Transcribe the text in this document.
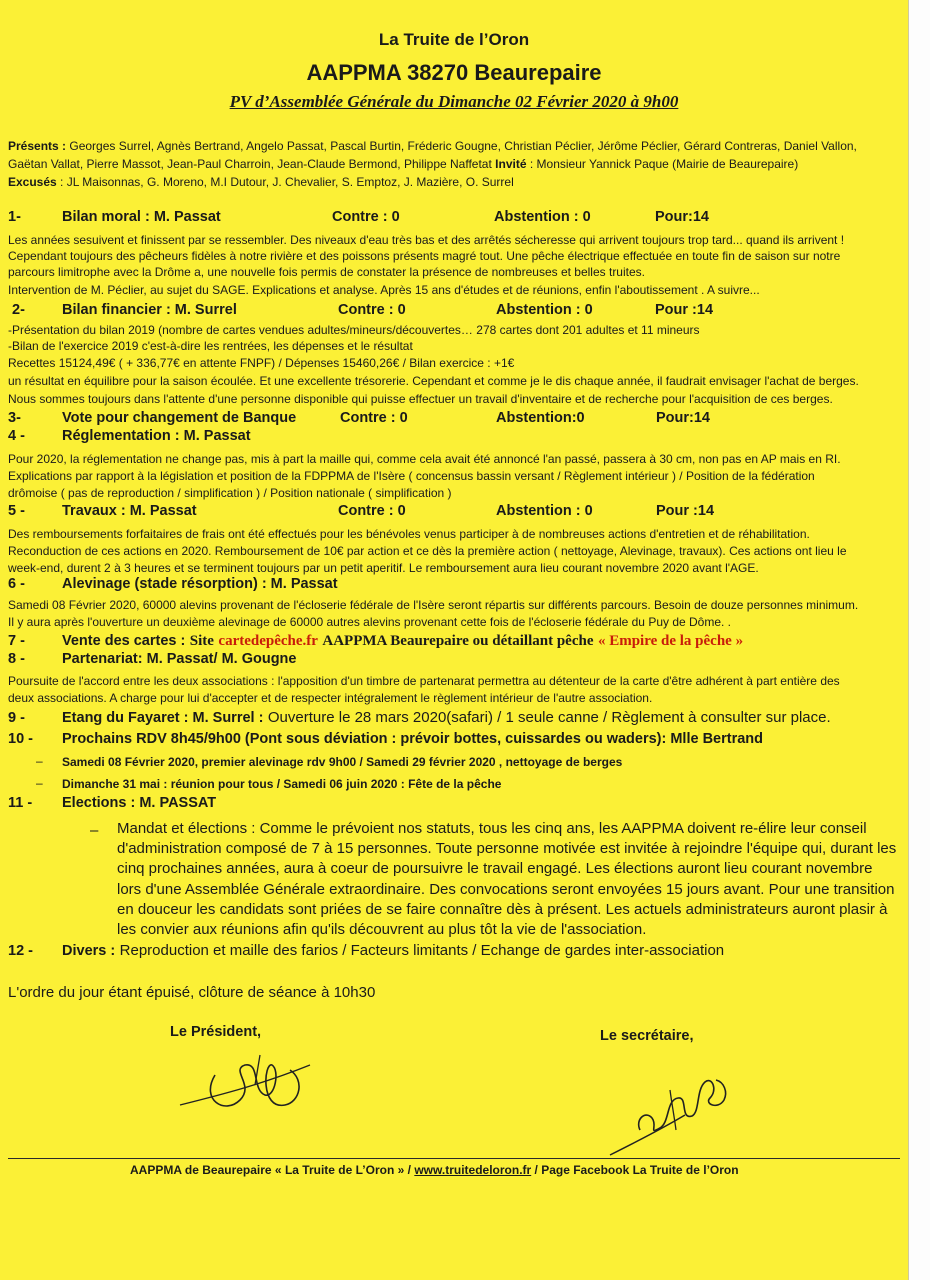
La Truite de l’Oron
AAPPMA 38270 Beaurepaire
PV d’Assemblée Générale du Dimanche 02 Février 2020 à 9h00
Présents : Georges Surrel, Agnès Bertrand, Angelo Passat, Pascal Burtin, Fréderic Gougne, Christian Péclier, Jérôme Péclier, Gérard Contreras, Daniel Vallon,
Gaëtan Vallat, Pierre Massot, Jean-Paul Charroin, Jean-Claude Bermond, Philippe Naffetat Invité : Monsieur Yannick Paque (Mairie de Beaurepaire)
Excusés : JL Maisonnas, G. Moreno, M.I Dutour, J. Chevalier, S. Emptoz, J. Mazière, O. Surrel
1-	Bilan moral : M. Passat	Contre : 0	Abstention : 0	Pour:14
Les années sesuivent et finissent par se ressembler. Des niveaux d'eau très bas et des arrêtés sécheresse qui arrivent toujours trop tard... quand ils arrivent !
Cependant toujours des pêcheurs fidèles à notre rivière et des poissons présents magré tout. Une pêche électrique effectuée en toute fin de saison sur notre
parcours limitrophe avec la Drôme a, une nouvelle fois permis de constater la présence de nombreuses et belles truites.
Intervention de M. Péclier, au sujet du SAGE. Explications et analyse. Après 15 ans d'études et de réunions, enfin l'aboutissement . A suivre...
2-	Bilan financier : M. Surrel	Contre : 0	Abstention : 0	Pour :14
-Présentation du bilan 2019 (nombre de cartes vendues adultes/mineurs/découvertes… 278 cartes dont 201 adultes et 11 mineurs
-Bilan de l'exercice 2019 c'est-à-dire les rentrées, les dépenses et le résultat
Recettes 15124,49€ ( + 336,77€ en attente FNPF) / Dépenses 15460,26€ / Bilan exercice : +1€
un résultat en équilibre pour la saison écoulée. Et une excellente trésorerie. Cependant et comme je le dis chaque année, il faudrait envisager l'achat de berges.
Nous sommes toujours dans l'attente d'une personne disponible qui puisse effectuer un travail d'inventaire et de recherche pour l'acquisition de ces berges.
3-	Vote pour changement de Banque	Contre : 0	Abstention:0	Pour:14
4 -	Réglementation : M. Passat
Pour 2020, la réglementation ne change pas, mis à part la maille qui, comme cela avait été annoncé l'an passé, passera à 30 cm, non pas en AP mais en RI.
Explications par rapport à la législation et position de la FDPPMA de l'Isère ( concensus bassin versant / Règlement intérieur ) / Position de la fédération
drômoise ( pas de reproduction / simplification ) / Position nationale ( simplification )
5 -	Travaux : M. Passat	Contre : 0	Abstention : 0	Pour :14
Des remboursements forfaitaires de frais ont été effectués pour les bénévoles venus participer à de nombreuses actions d'entretien et de réhabilitation.
Reconduction de ces actions en 2020. Remboursement de 10€ par action et ce dès la première action ( nettoyage, Alevinage, travaux). Ces actions ont lieu le
week-end, durent 2 à 3 heures et se terminent toujours par un petit aperitif. Le remboursement aura lieu courant novembre 2020 avant l'AGE.
6 -	Alevinage (stade résorption) : M. Passat
Samedi 08 Février 2020, 60000 alevins provenant de l'écloserie fédérale de l'Isère seront répartis sur différents parcours. Besoin de douze personnes minimum.
Il y aura après l'ouverture un deuxième alevinage de 60000 autres alevins provenant cette fois de l'écloserie fédérale du Puy de Dôme. .
7 -	Vente des cartes : Site cartedepêche.fr AAPPMA Beaurepaire ou détaillant pêche « Empire de la pêche »
8 -	Partenariat: M. Passat/ M. Gougne
Poursuite de l'accord entre les deux associations : l'apposition d'un timbre de partenarat permettra au détenteur de la carte d'être adhérent à part entière des
deux associations. A charge pour lui d'accepter et de respecter intégralement le règlement intérieur de l'autre association.
9 -	Etang du Fayaret : M. Surrel : Ouverture le 28 mars 2020(safari) / 1 seule canne / Règlement à consulter sur place.
10 - Prochains RDV 8h45/9h00 (Pont sous déviation : prévoir bottes, cuissardes ou waders): Mlle Bertrand
– Samedi 08 Février 2020, premier alevinage rdv 9h00 / Samedi 29 février 2020 , nettoyage de berges
– Dimanche 31 mai : réunion pour tous / Samedi 06 juin 2020 : Fête de la pêche
11 - Elections : M. PASSAT
– Mandat et élections : Comme le prévoient nos statuts, tous les cinq ans, les AAPPMA doivent re-élire leur conseil
d'administration composé de 7 à 15 personnes. Toute personne motivée est invitée à rejoindre l'équipe qui, durant les
cinq prochaines années, aura à coeur de poursuivre le travail engagé. Les élections auront lieu courant novembre
lors d'une Assemblée Générale extraordinaire. Des convocations seront envoyées 15 jours avant. Pour une transition
en douceur les candidats sont priées de se faire connaître dès à présent. Les actuels administrateurs auront plasir à
les convier aux réunions afin qu'ils découvrent au plus tôt la vie de l'association.
12 - Divers : Reproduction et maille des farios / Facteurs limitants / Echange de gardes inter-association
L'ordre du jour étant épuisé, clôture de séance à 10h30
Le Président,	Le secrétaire,
AAPPMA de Beaurepaire « La Truite de L’Oron » / www.truitedeloron.fr / Page Facebook La Truite de l’Oron
